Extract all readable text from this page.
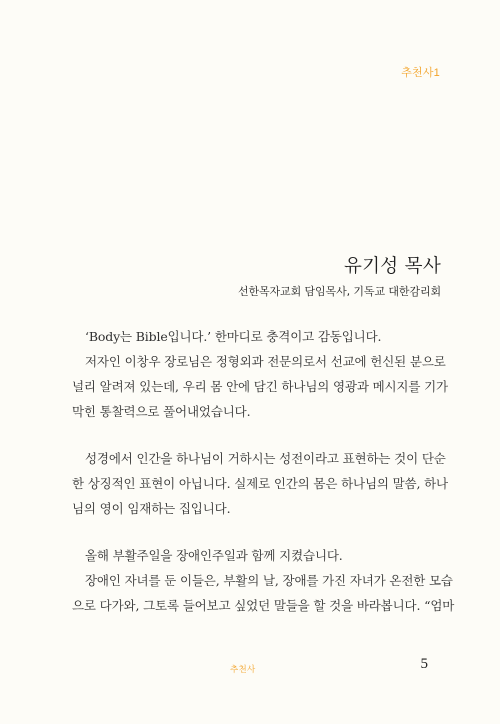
추천사1
유기성 목사
선한목자교회 담임목사, 기독교 대한감리회
‘Body는 Bible입니다.’ 한마디로 충격이고 감동입니다.
저자인 이창우 장로님은 정형외과 전문의로서 선교에 헌신된 분으로
널리 알려져 있는데, 우리 몸 안에 담긴 하나님의 영광과 메시지를 기가
막힌 통찰력으로 풀어내었습니다.
성경에서 인간을 하나님이 거하시는 성전이라고 표현하는 것이 단순
한 상징적인 표현이 아닙니다. 실제로 인간의 몸은 하나님의 말씀, 하나
님의 영이 임재하는 집입니다.
올해 부활주일을 장애인주일과 함께 지켰습니다.
장애인 자녀를 둔 이들은, 부활의 날, 장애를 가진 자녀가 온전한 모습
으로 다가와, 그토록 들어보고 싶었던 말들을 할 것을 바라봅니다. “엄마
추천사	5
